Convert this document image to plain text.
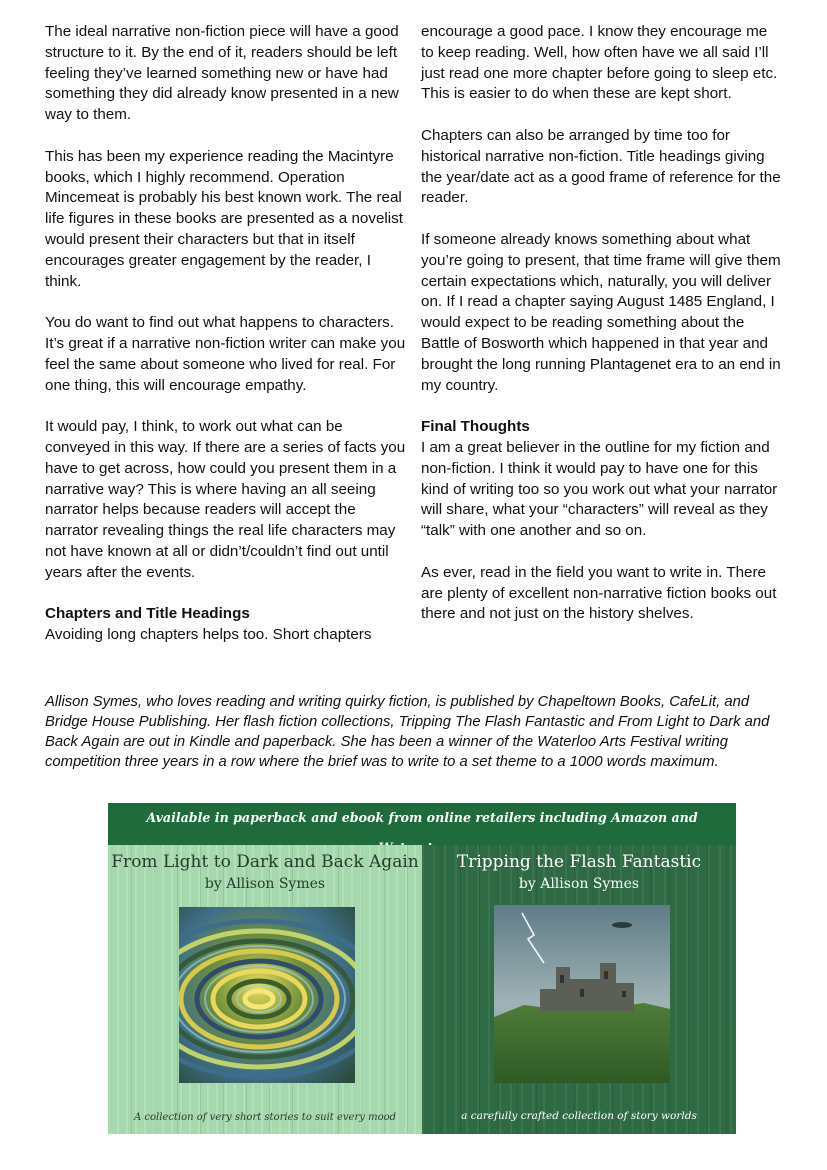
The ideal narrative non-fiction piece will have a good structure to it. By the end of it, readers should be left feeling they’ve learned something new or have had something they did already know presented in a new way to them.

This has been my experience reading the Macintyre books, which I highly recommend. Operation Mincemeat is probably his best known work. The real life figures in these books are presented as a novelist would present their characters but that in itself encourages greater engagement by the reader, I think.

You do want to find out what happens to characters. It’s great if a narrative non-fiction writer can make you feel the same about someone who lived for real. For one thing, this will encourage empathy.

It would pay, I think, to work out what can be conveyed in this way. If there are a series of facts you have to get across, how could you present them in a narrative way? This is where having an all seeing narrator helps because readers will accept the narrator revealing things the real life characters may not have known at all or didn’t/couldn’t find out until years after the events.

Chapters and Title Headings

Avoiding long chapters helps too. Short chapters

encourage a good pace. I know they encourage me to keep reading. Well, how often have we all said I’ll just read one more chapter before going to sleep etc. This is easier to do when these are kept short.

Chapters can also be arranged by time too for historical narrative non-fiction. Title headings giving the year/date act as a good frame of reference for the reader.

If someone already knows something about what you’re going to present, that time frame will give them certain expectations which, naturally, you will deliver on. If I read a chapter saying August 1485 England, I would expect to be reading something about the Battle of Bosworth which happened in that year and brought the long running Plantagenet era to an end in my country.

Final Thoughts

I am a great believer in the outline for my fiction and non-fiction. I think it would pay to have one for this kind of writing too so you work out what your narrator will share, what your “characters” will reveal as they “talk” with one another and so on.

As ever, read in the field you want to write in. There are plenty of excellent non-narrative fiction books out there and not just on the history shelves.

Allison Symes, who loves reading and writing quirky fiction, is published by Chapeltown Books, CafeLit, and Bridge House Publishing. Her flash fiction collections, Tripping The Flash Fantastic and From Light to Dark and Back Again are out in Kindle and paperback. She has been a winner of the Waterloo Arts Festival writing competition three years in a row where the brief was to write to a set theme to a 1000 words maximum.

Available in paperback and ebook from online retailers including Amazon and
From Light to Dark and Back Again
by Allison Symes
A collection of very short stories to suit every mood
Tripping the Flash Fantastic
by Allison Symes
a carefully crafted collection of story worlds
